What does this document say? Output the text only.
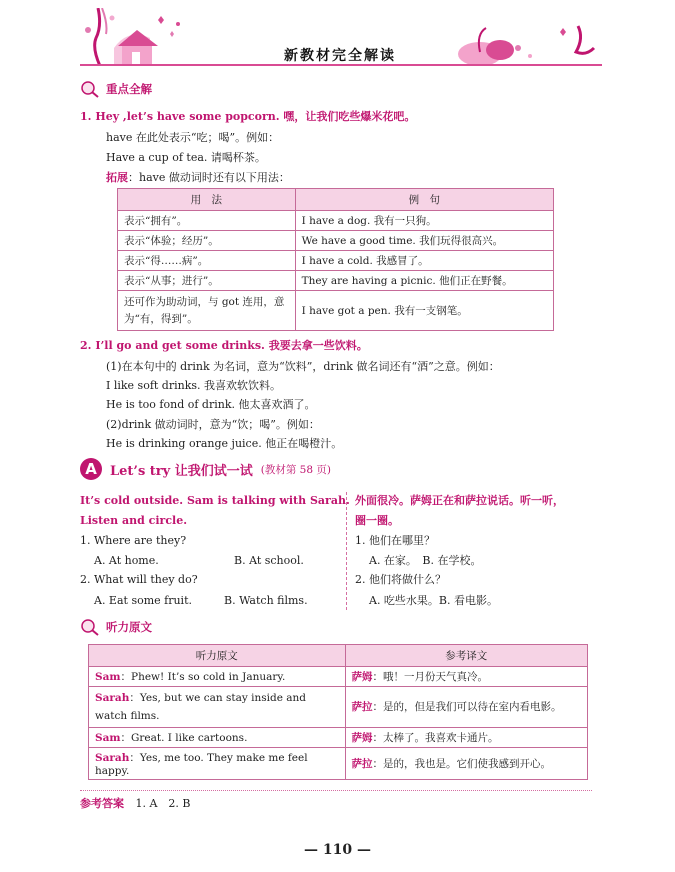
新教材完全解读
重点全解
1. Hey ,let’s have some popcorn. 嘿，让我们吃些爆米花吧。
have 在此处表示“吃；喝”。例如：
Have a cup of tea. 请喝杯茶。
拓展：have 做动词时还有以下用法：
用　法	例　句
表示“拥有”。	I have a dog. 我有一只狗。
表示“体验；经历”。	We have a good time. 我们玩得很高兴。
表示“得……病”。	I have a cold. 我感冒了。
表示“从事；进行”。	They are having a picnic. 他们正在野餐。
还可作为助动词，与 got 连用，意为“有，得到”。	I have got a pen. 我有一支钢笔。
2. I’ll go and get some drinks. 我要去拿一些饮料。
(1)在本句中的 drink 为名词，意为“饮料”，drink 做名词还有“酒”之意。例如：
I like soft drinks. 我喜欢软饮料。
He is too fond of drink. 他太喜欢酒了。
(2)drink 做动词时，意为“饮；喝”。例如：
He is drinking orange juice. 他正在喝橙汁。
A	Let’s try 让我们试一试 (教材第 58 页)
It’s cold outside. Sam is talking with Sarah.
Listen and circle.
1. Where are they?
A. At home.	B. At school.
2. What will they do?
A. Eat some fruit.	B. Watch films.
外面很冷。萨姆正在和萨拉说话。听一听，
圈一圈。
1. 他们在哪里？
A. 在家。　B. 在学校。
2. 他们将做什么？
A. 吃些水果。B. 看电影。
听力原文
听力原文	参考译文
Sam：Phew! It’s so cold in January.	萨姆：哦！一月份天气真冷。
Sarah：Yes, but we can stay inside and watch films.	萨拉：是的，但是我们可以待在室内看电影。
Sam：Great. I like cartoons.	萨姆：太棒了。我喜欢卡通片。
Sarah：Yes, me too. They make me feel happy.	萨拉：是的，我也是。它们使我感到开心。
参考答案 1. A　2. B
— 110 —
